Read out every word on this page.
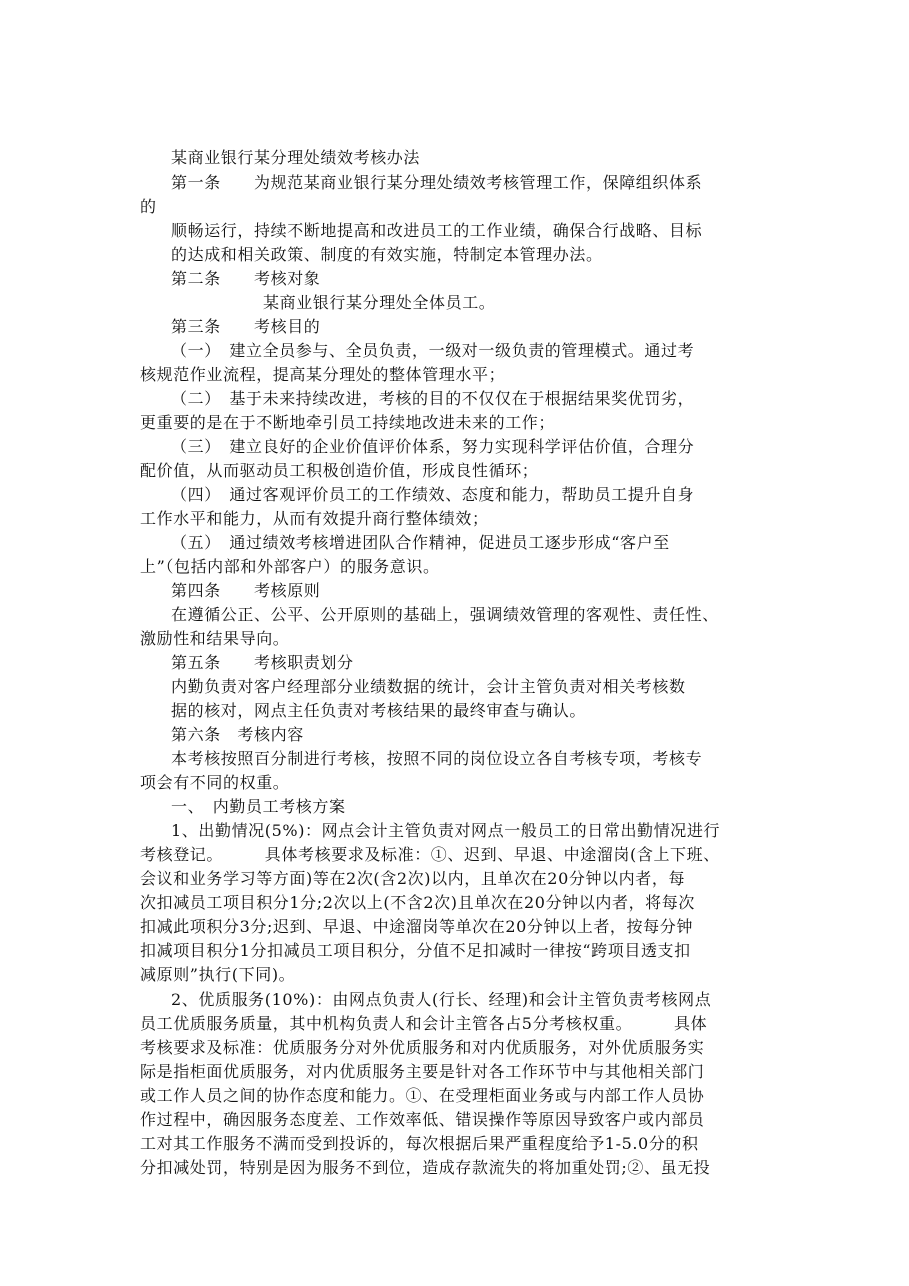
某商业银行某分理处绩效考核办法
第一条　　为规范某商业银行某分理处绩效考核管理工作，保障组织体系
的
顺畅运行，持续不断地提高和改进员工的工作业绩，确保合行战略、目标
的达成和相关政策、制度的有效实施，特制定本管理办法。
第二条　　考核对象
某商业银行某分理处全体员工。
第三条　　考核目的
（一）　建立全员参与、全员负责，一级对一级负责的管理模式。通过考
核规范作业流程，提高某分理处的整体管理水平；
（二）　基于未来持续改进，考核的目的不仅仅在于根据结果奖优罚劣，
更重要的是在于不断地牵引员工持续地改进未来的工作；
（三）　建立良好的企业价值评价体系，努力实现科学评估价值，合理分
配价值，从而驱动员工积极创造价值，形成良性循环；
（四）　通过客观评价员工的工作绩效、态度和能力，帮助员工提升自身
工作水平和能力，从而有效提升商行整体绩效；
（五）　通过绩效考核增进团队合作精神，促进员工逐步形成“客户至
上”（包括内部和外部客户）的服务意识。
第四条　　考核原则
在遵循公正、公平、公开原则的基础上，强调绩效管理的客观性、责任性、
激励性和结果导向。
第五条　　考核职责划分
内勤负责对客户经理部分业绩数据的统计，会计主管负责对相关考核数
据的核对，网点主任负责对考核结果的最终审查与确认。
第六条　考核内容
本考核按照百分制进行考核，按照不同的岗位设立各自考核专项，考核专
项会有不同的权重。
一、　内勤员工考核方案
1、出勤情况(5%)：网点会计主管负责对网点一般员工的日常出勤情况进行
考核登记。　　　具体考核要求及标准：①、迟到、早退、中途溜岗(含上下班、
会议和业务学习等方面)等在2次(含2次)以内，且单次在20分钟以内者，每
次扣减员工项目积分1分;2次以上(不含2次)且单次在20分钟以内者，将每次
扣减此项积分3分;迟到、早退、中途溜岗等单次在20分钟以上者，按每分钟
扣减项目积分1分扣减员工项目积分，分值不足扣减时一律按“跨项目透支扣
减原则”执行(下同)。
2、优质服务(10%)：由网点负责人(行长、经理)和会计主管负责考核网点
员工优质服务质量，其中机构负责人和会计主管各占5分考核权重。　　　具体
考核要求及标准：优质服务分对外优质服务和对内优质服务，对外优质服务实
际是指柜面优质服务，对内优质服务主要是针对各工作环节中与其他相关部门
或工作人员之间的协作态度和能力。①、在受理柜面业务或与内部工作人员协
作过程中，确因服务态度差、工作效率低、错误操作等原因导致客户或内部员
工对其工作服务不满而受到投诉的，每次根据后果严重程度给予1-5.0分的积
分扣减处罚，特别是因为服务不到位，造成存款流失的将加重处罚;②、虽无投
